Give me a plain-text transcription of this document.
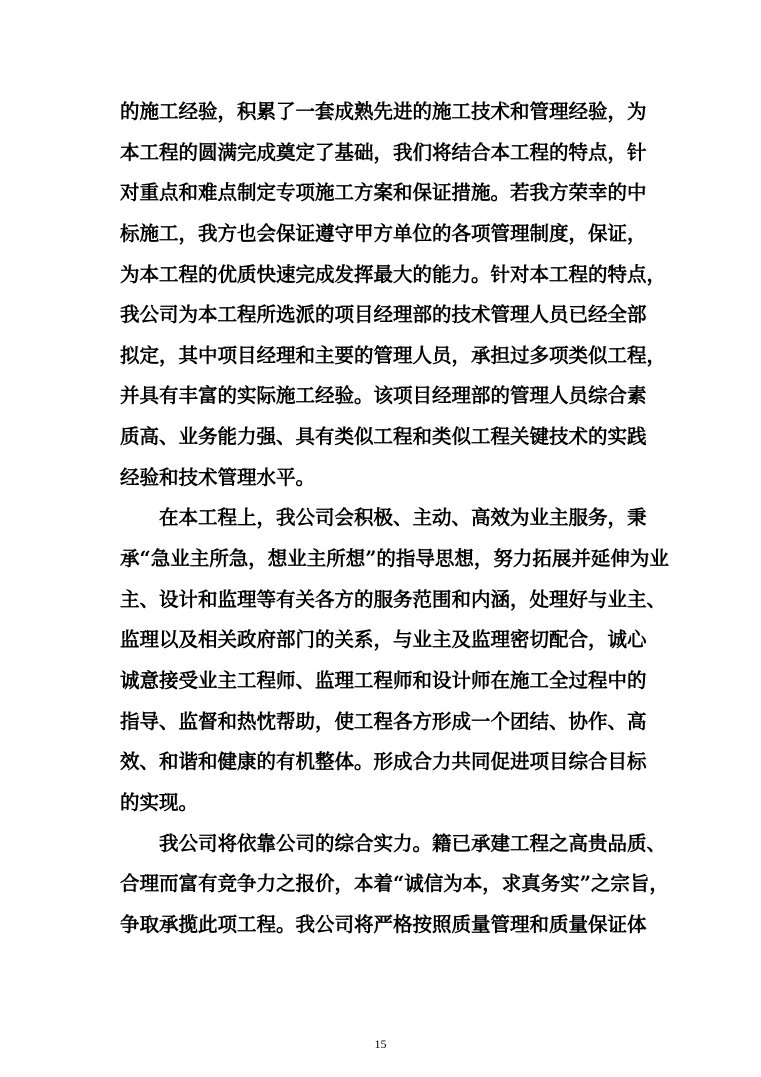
的施工经验，积累了一套成熟先进的施工技术和管理经验，为
本工程的圆满完成奠定了基础，我们将结合本工程的特点，针
对重点和难点制定专项施工方案和保证措施。若我方荣幸的中
标施工，我方也会保证遵守甲方单位的各项管理制度，保证，
为本工程的优质快速完成发挥最大的能力。针对本工程的特点，
我公司为本工程所选派的项目经理部的技术管理人员已经全部
拟定，其中项目经理和主要的管理人员，承担过多项类似工程，
并具有丰富的实际施工经验。该项目经理部的管理人员综合素
质高、业务能力强、具有类似工程和类似工程关键技术的实践
经验和技术管理水平。
在本工程上，我公司会积极、主动、高效为业主服务，秉
承“急业主所急，想业主所想”的指导思想，努力拓展并延伸为业
主、设计和监理等有关各方的服务范围和内涵，处理好与业主、
监理以及相关政府部门的关系，与业主及监理密切配合，诚心
诚意接受业主工程师、监理工程师和设计师在施工全过程中的
指导、监督和热忱帮助，使工程各方形成一个团结、协作、高
效、和谐和健康的有机整体。形成合力共同促进项目综合目标
的实现。
我公司将依靠公司的综合实力。籍已承建工程之高贵品质、
合理而富有竞争力之报价，本着“诚信为本，求真务实”之宗旨，
争取承揽此项工程。我公司将严格按照质量管理和质量保证体
15
